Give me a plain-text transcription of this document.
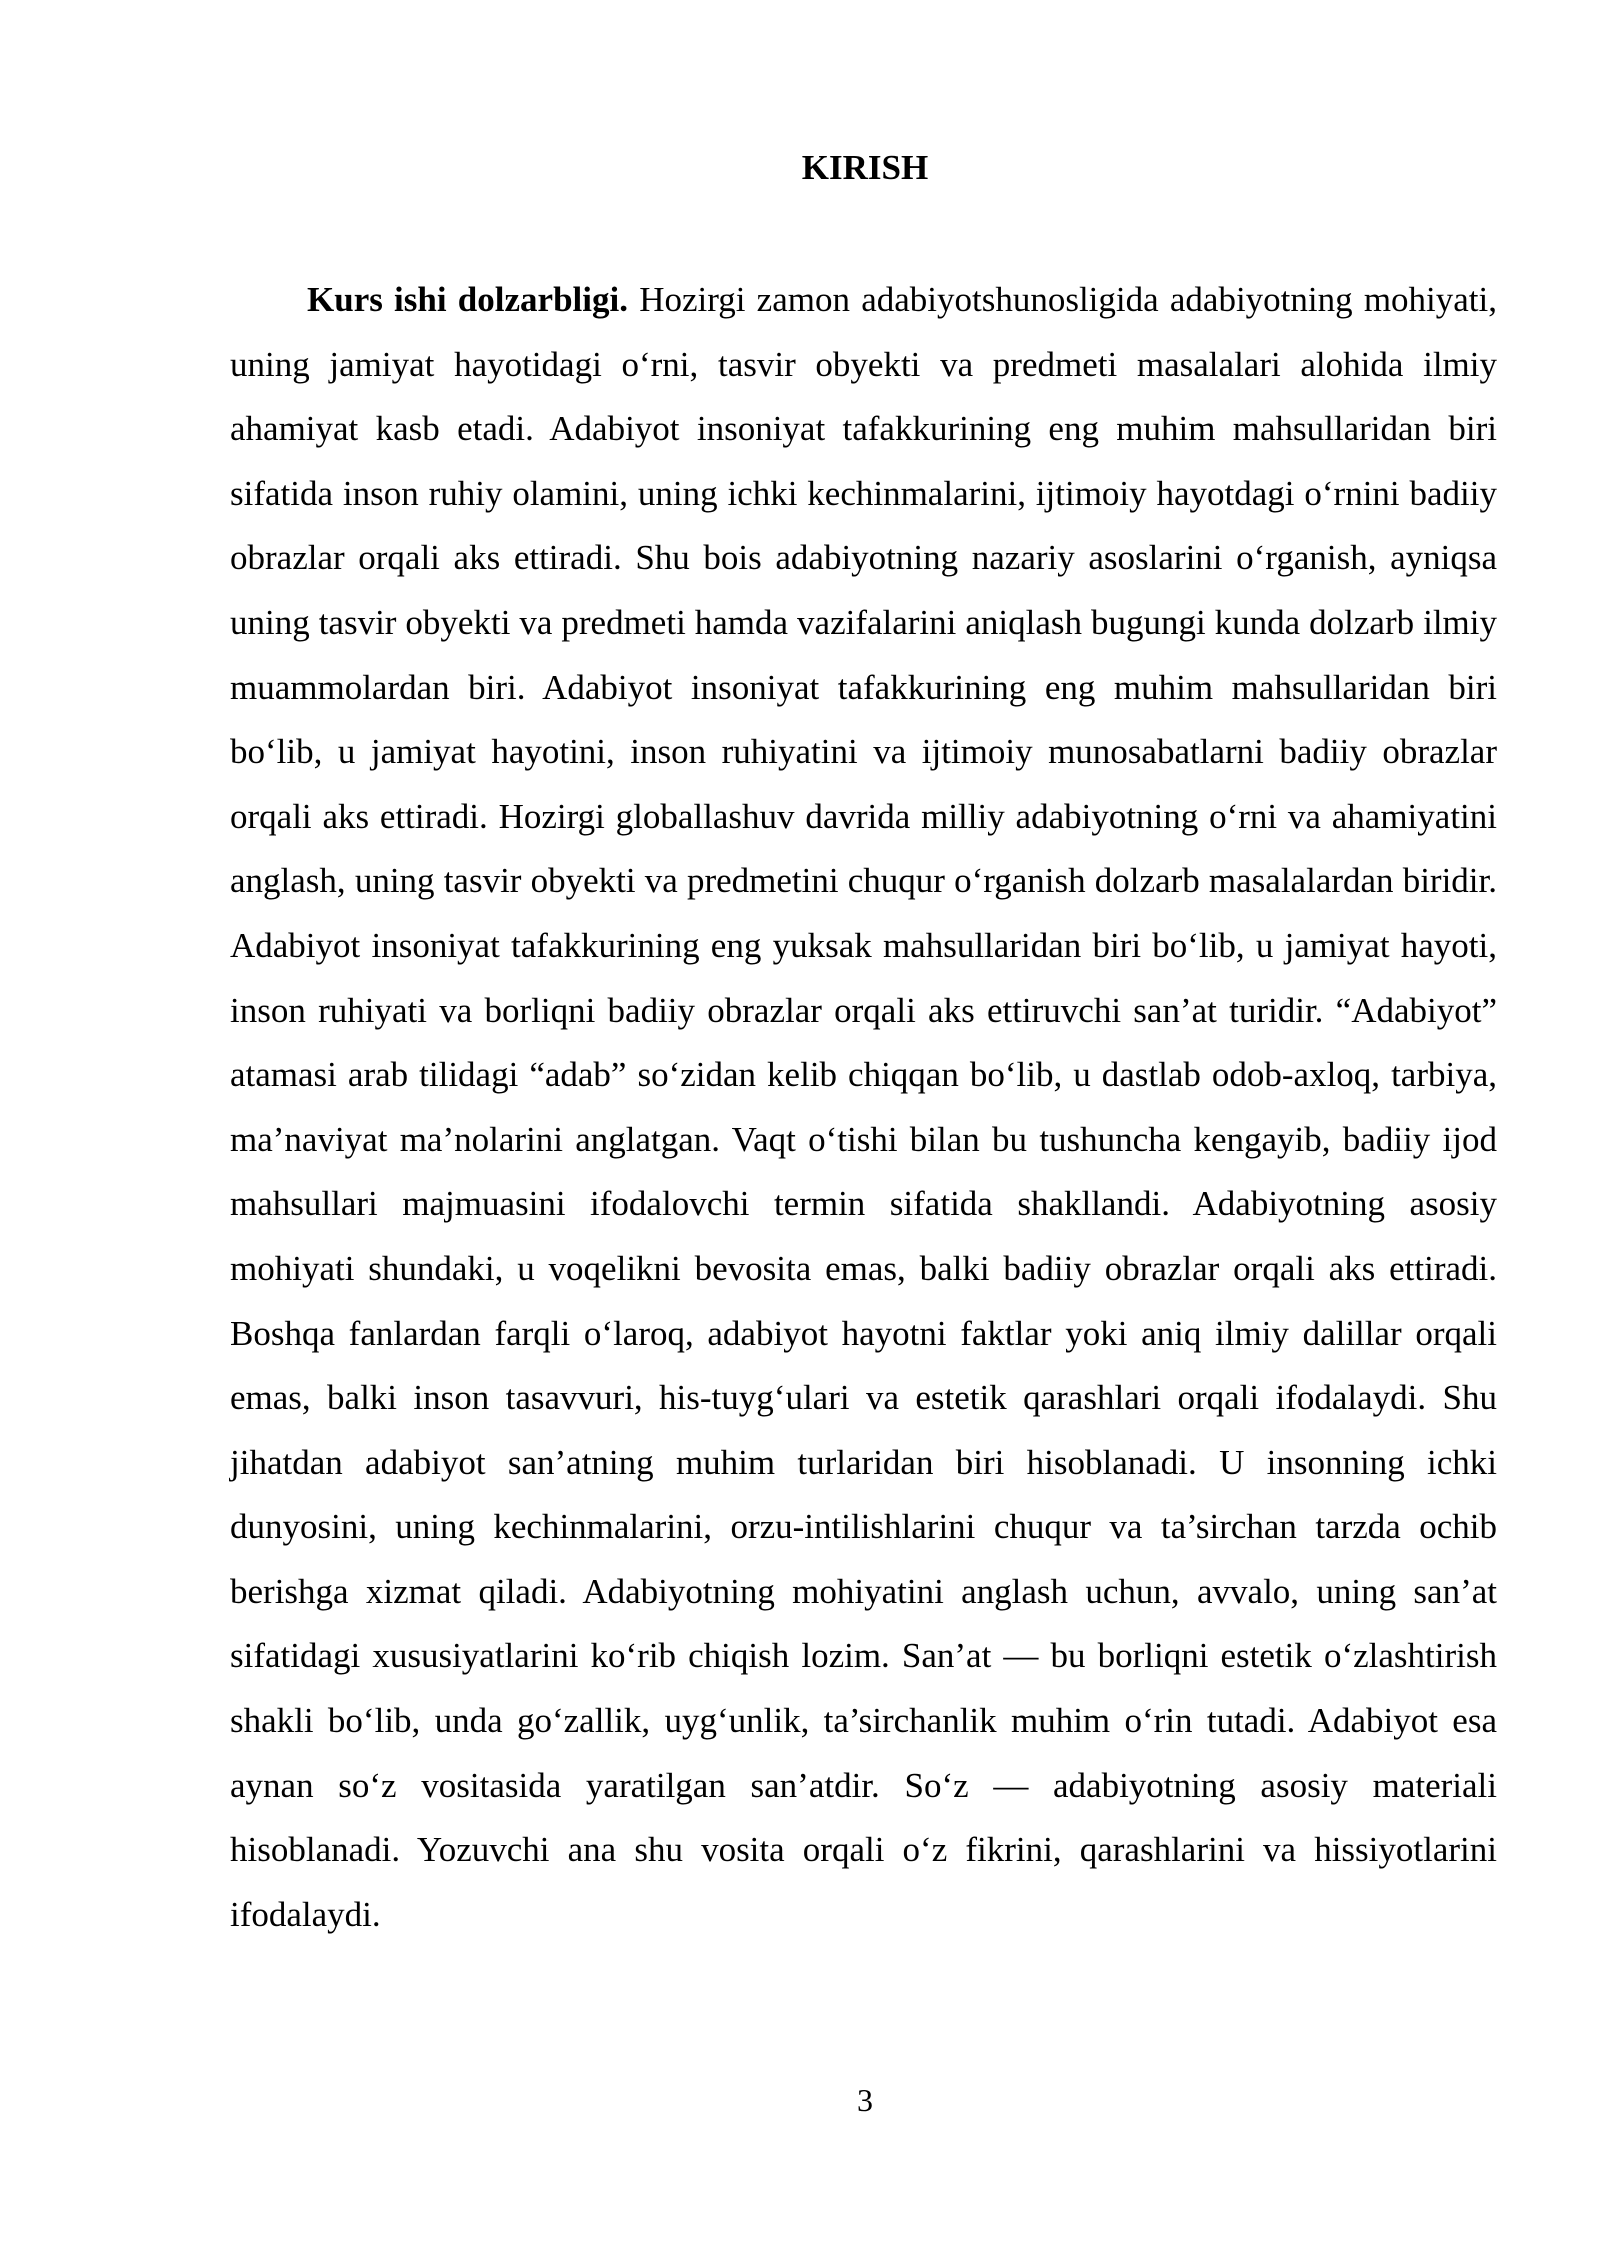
KIRISH

Kurs ishi dolzarbligi. Hozirgi zamon adabiyotshunosligida adabiyotning mohiyati, uning jamiyat hayotidagi o‘rni, tasvir obyekti va predmeti masalalari alohida ilmiy ahamiyat kasb etadi. Adabiyot insoniyat tafakkurining eng muhim mahsullaridan biri sifatida inson ruhiy olamini, uning ichki kechinmalarini, ijtimoiy hayotdagi o‘rnini badiiy obrazlar orqali aks ettiradi. Shu bois adabiyotning nazariy asoslarini o‘rganish, ayniqsa uning tasvir obyekti va predmeti hamda vazifalarini aniqlash bugungi kunda dolzarb ilmiy muammolardan biri. Adabiyot insoniyat tafakkurining eng muhim mahsullaridan biri bo‘lib, u jamiyat hayotini, inson ruhiyatini va ijtimoiy munosabatlarni badiiy obrazlar orqali aks ettiradi. Hozirgi globallashuv davrida milliy adabiyotning o‘rni va ahamiyatini anglash, uning tasvir obyekti va predmetini chuqur o‘rganish dolzarb masalalardan biridir. Adabiyot insoniyat tafakkurining eng yuksak mahsullaridan biri bo‘lib, u jamiyat hayoti, inson ruhiyati va borliqni badiiy obrazlar orqali aks ettiruvchi san’at turidir. “Adabiyot” atamasi arab tilidagi “adab” so‘zidan kelib chiqqan bo‘lib, u dastlab odob-axloq, tarbiya, ma’naviyat ma’nolarini anglatgan. Vaqt o‘tishi bilan bu tushuncha kengayib, badiiy ijod mahsullari majmuasini ifodalovchi termin sifatida shakllandi. Adabiyotning asosiy mohiyati shundaki, u voqelikni bevosita emas, balki badiiy obrazlar orqali aks ettiradi. Boshqa fanlardan farqli o‘laroq, adabiyot hayotni faktlar yoki aniq ilmiy dalillar orqali emas, balki inson tasavvuri, his-tuyg‘ulari va estetik qarashlari orqali ifodalaydi. Shu jihatdan adabiyot san’atning muhim turlaridan biri hisoblanadi. U insonning ichki dunyosini, uning kechinmalarini, orzu-intilishlarini chuqur va ta’sirchan tarzda ochib berishga xizmat qiladi. Adabiyotning mohiyatini anglash uchun, avvalo, uning san’at sifatidagi xususiyatlarini ko‘rib chiqish lozim. San’at — bu borliqni estetik o‘zlashtirish shakli bo‘lib, unda go‘zallik, uyg‘unlik, ta’sirchanlik muhim o‘rin tutadi. Adabiyot esa aynan so‘z vositasida yaratilgan san’atdir. So‘z — adabiyotning asosiy materiali hisoblanadi. Yozuvchi ana shu vosita orqali o‘z fikrini, qarashlarini va hissiyotlarini ifodalaydi.

3
